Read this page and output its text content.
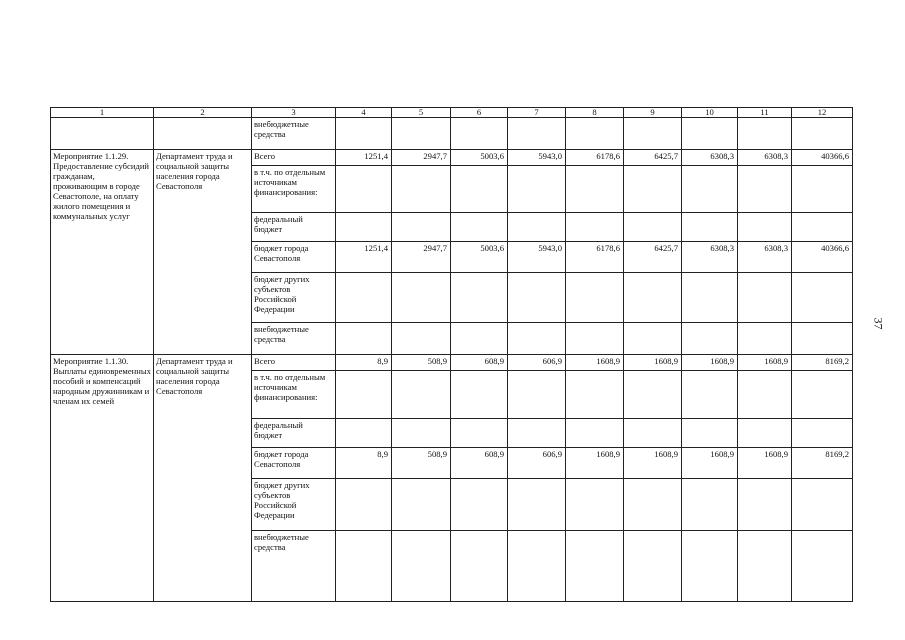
1	2	3	4	5	6	7	8	9	10	11	12
		внебюджетные средства									
Мероприятие 1.1.29. Предоставление субсидий гражданам, проживающим в городе Севастополе, на оплату жилого помещения и коммунальных услуг	Департамент труда и социальной защиты населения города Севастополя	Всего	1251,4	2947,7	5003,6	5943,0	6178,6	6425,7	6308,3	6308,3	40366,6
		в т.ч. по отдельным источникам финансирования:									
		федеральный бюджет									
		бюджет города Севастополя	1251,4	2947,7	5003,6	5943,0	6178,6	6425,7	6308,3	6308,3	40366,6
		бюджет других субъектов Российской Федерации									
		внебюджетные средства									
Мероприятие 1.1.30. Выплаты единовременных пособий и компенсаций народным дружинникам и членам их семей	Департамент труда и социальной защиты населения города Севастополя	Всего	8,9	508,9	608,9	606,9	1608,9	1608,9	1608,9	1608,9	8169,2
		в т.ч. по отдельным источникам финансирования:									
		федеральный бюджет									
		бюджет города Севастополя	8,9	508,9	608,9	606,9	1608,9	1608,9	1608,9	1608,9	8169,2
		бюджет других субъектов Российской Федерации									
		внебюджетные средства									
37
